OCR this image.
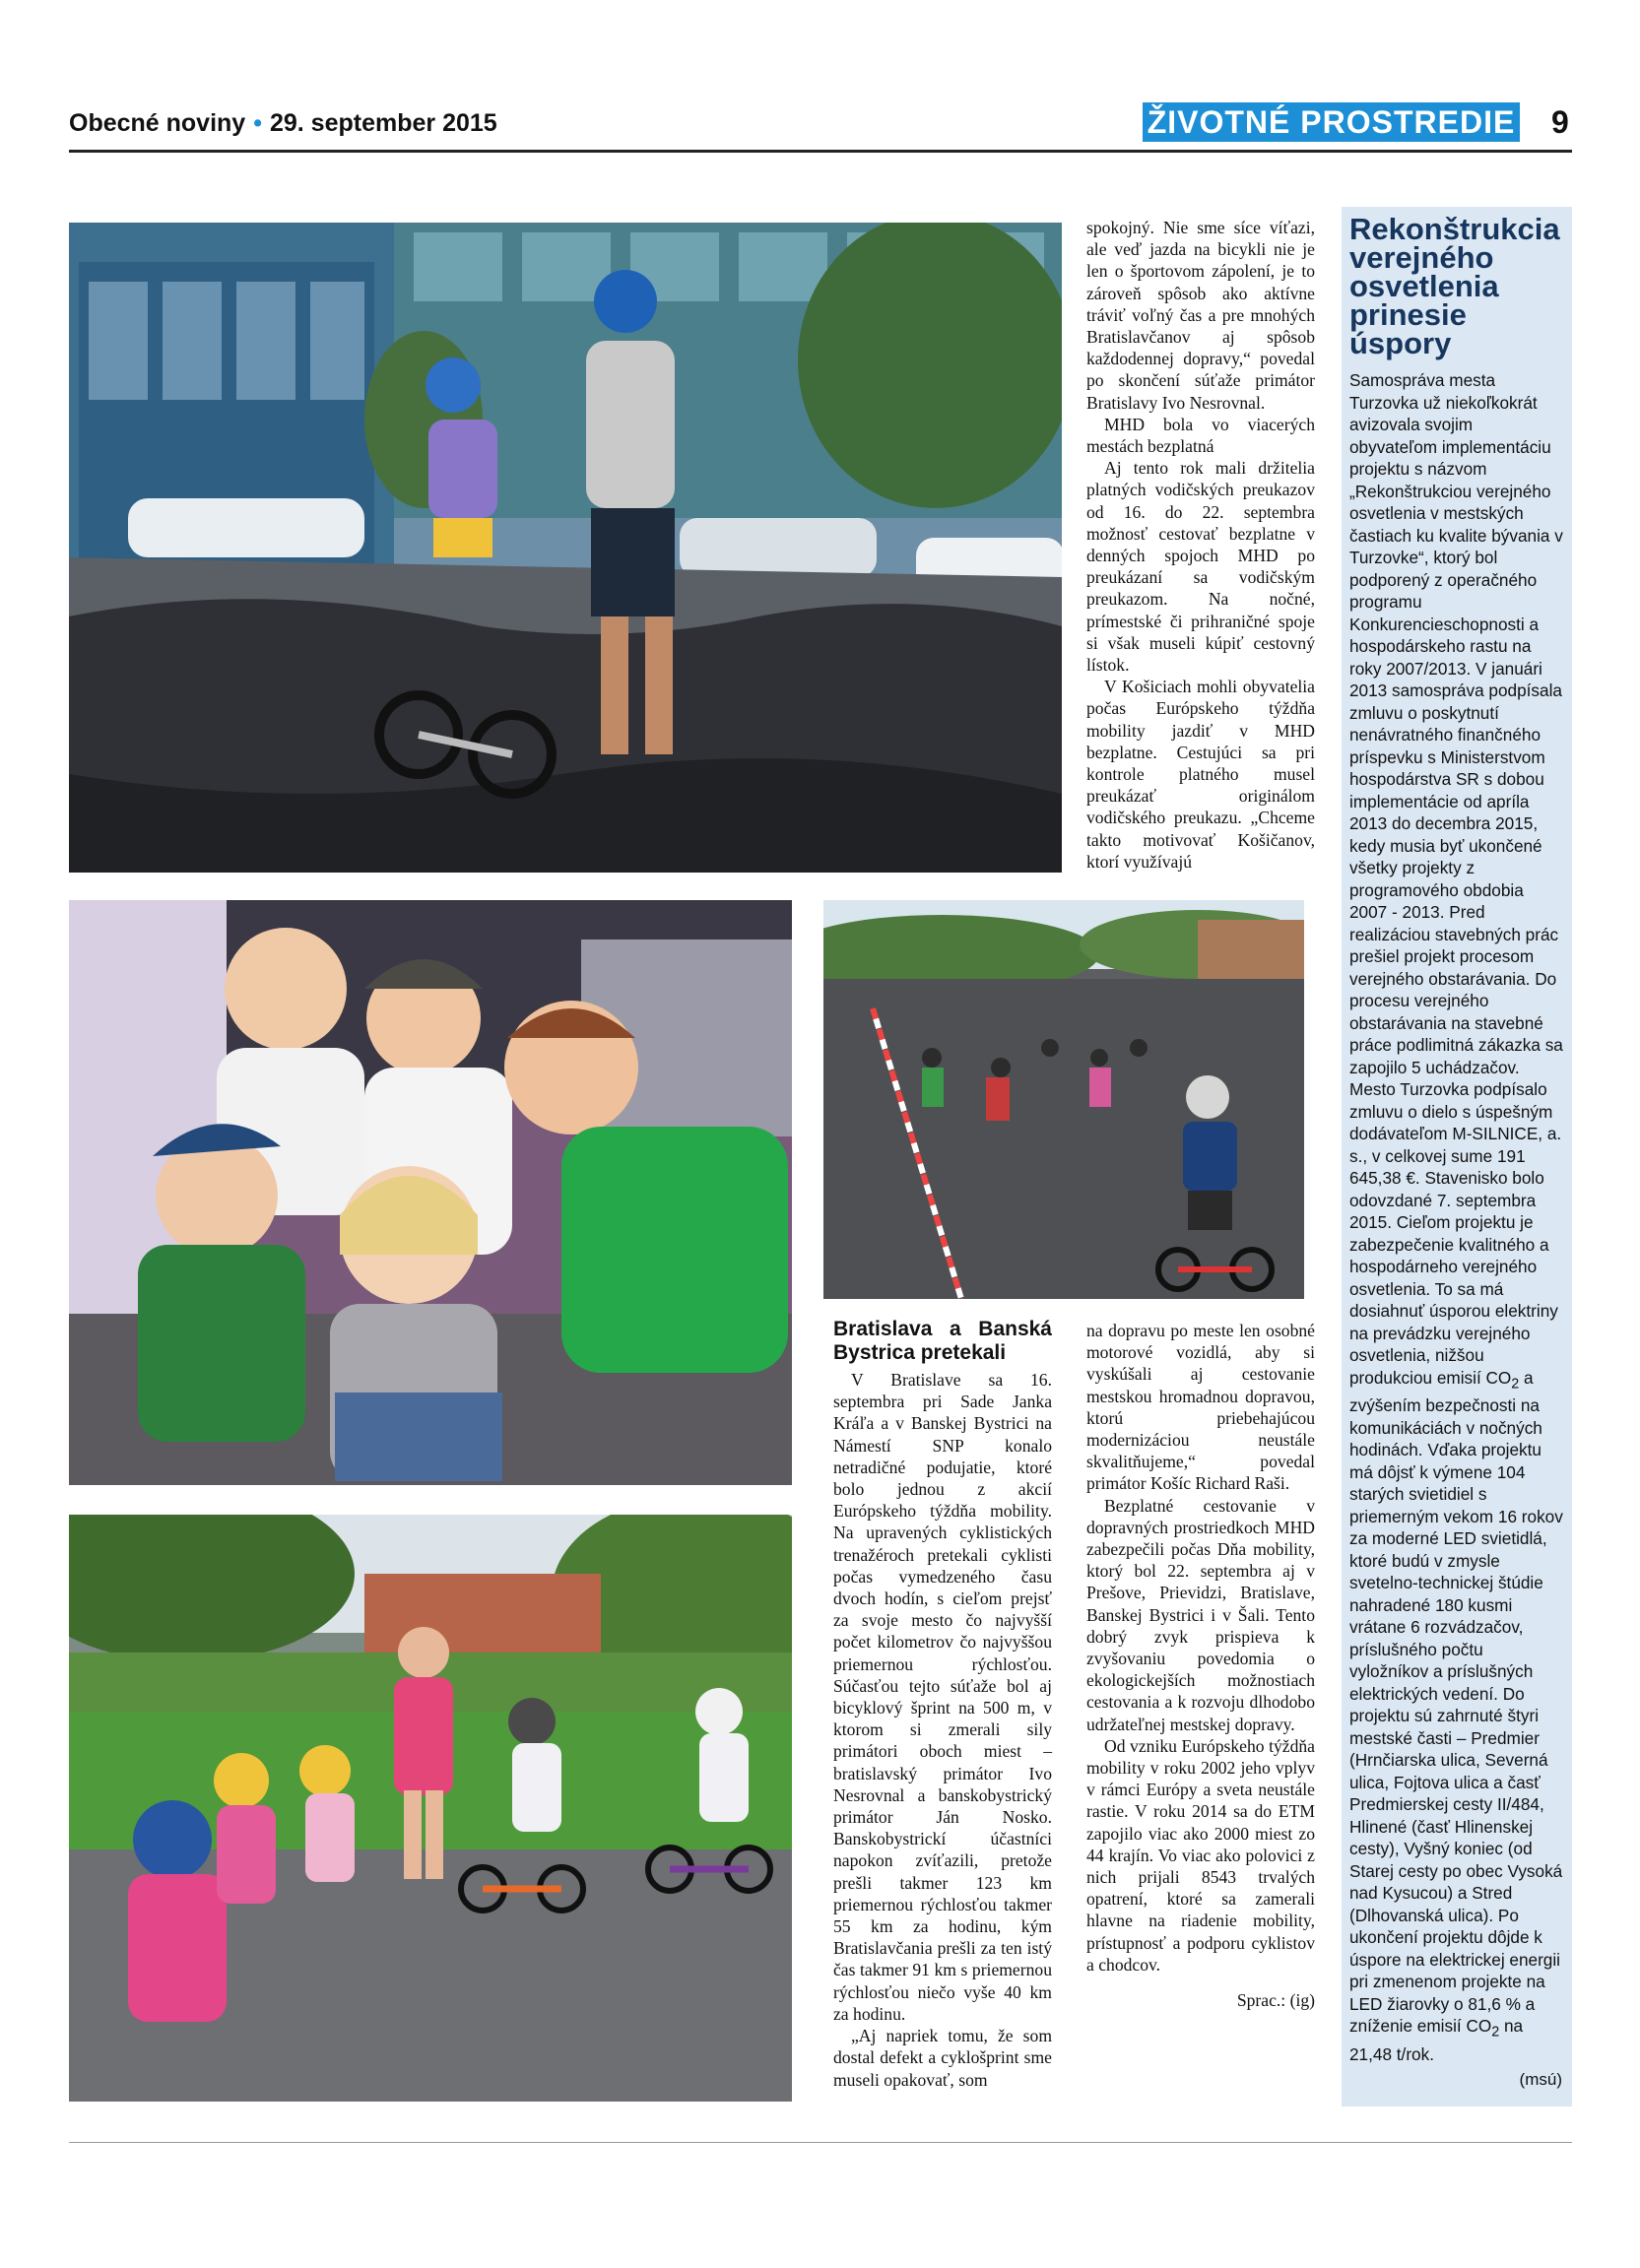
Obecné noviny • 29. september 2015	ŽIVOTNÉ PROSTREDIE 9

spokojný. Nie sme síce víťazi, ale veď jazda na bicykli nie je len o športovom zápolení, je to zároveň spôsob ako aktívne tráviť voľný čas a pre mnohých Bratislavčanov aj spôsob každodennej dopravy,“ povedal po skončení súťaže primátor Bratislavy Ivo Nesrovnal.

MHD bola vo viacerých mestách bezplatná

Aj tento rok mali držitelia platných vodičských preukazov od 16. do 22. septembra možnosť cestovať bezplatne v denných spojoch MHD po preukázaní sa vodičským preukazom. Na nočné, prímestské či prihraničné spoje si však museli kúpiť cestovný lístok.

V Košiciach mohli obyvatelia počas Európskeho týždňa mobility jazdiť v MHD bezplatne. Cestujúci sa pri kontrole platného musel preukázať originálom vodičského preukazu. „Chceme takto motivovať Košičanov, ktorí využívajú

Bratislava a Banská Bystrica pretekali

V Bratislave sa 16. septembra pri Sade Janka Kráľa a v Banskej Bystrici na Námestí SNP konalo netradičné podujatie, ktoré bolo jednou z akcií Európskeho týždňa mobility. Na upravených cyklistických trenažéroch pretekali cyklisti počas vymedzeného času dvoch hodín, s cieľom prejsť za svoje mesto čo najvyšší počet kilometrov čo najvyššou priemernou rýchlosťou. Súčasťou tejto súťaže bol aj bicyklový šprint na 500 m, v ktorom si zmerali sily primátori oboch miest – bratislavský primátor Ivo Nesrovnal a banskobystrický primátor Ján Nosko. Banskobystrickí účastníci napokon zvíťazili, pretože prešli takmer 123 km priemernou rýchlosťou takmer 55 km za hodinu, kým Bratislavčania prešli za ten istý čas takmer 91 km s priemernou rýchlosťou niečo vyše 40 km za hodinu.

„Aj napriek tomu, že som dostal defekt a cyklošprint sme museli opakovať, som

na dopravu po meste len osobné motorové vozidlá, aby si vyskúšali aj cestovanie mestskou hromadnou dopravou, ktorú priebehajúcou modernizáciou neustále skvalitňujeme,“ povedal primátor Košíc Richard Raši.

Bezplatné cestovanie v dopravných prostriedkoch MHD zabezpečili počas Dňa mobility, ktorý bol 22. septembra aj v Prešove, Prievidzi, Bratislave, Banskej Bystrici i v Šali. Tento dobrý zvyk prispieva k zvyšovaniu povedomia o ekologickejších možnostiach cestovania a k rozvoju dlhodobo udržateľnej mestskej dopravy.

Od vzniku Európskeho týždňa mobility v roku 2002 jeho vplyv v rámci Európy a sveta neustále rastie. V roku 2014 sa do ETM zapojilo viac ako 2000 miest zo 44 krajín. Vo viac ako polovici z nich prijali 8543 trvalých opatrení, ktoré sa zamerali hlavne na riadenie mobility, prístupnosť a podporu cyklistov a chodcov.

Sprac.: (ig)
Rekonštrukcia verejného osvetlenia prinesie úspory
Samospráva mesta Turzovka už niekoľkokrát avizovala svojim obyvateľom implementáciu projektu s názvom „Rekonštrukciou verejného osvetlenia v mestských častiach ku kvalite bývania v Turzovke“, ktorý bol podporený z operačného programu Konkurencieschopnosti a hospodárskeho rastu na roky 2007/2013. V januári 2013 samospráva podpísala zmluvu o poskytnutí nenávratného finančného príspevku s Ministerstvom hospodárstva SR s dobou implementácie od apríla 2013 do decembra 2015, kedy musia byť ukončené všetky projekty z programového obdobia 2007 - 2013. Pred realizáciou stavebných prác prešiel projekt procesom verejného obstarávania. Do procesu verejného obstarávania na stavebné práce podlimitná zákazka sa zapojilo 5 uchádzačov. Mesto Turzovka podpísalo zmluvu o dielo s úspešným dodávateľom M-SILNICE, a. s., v celkovej sume 191 645,38 €. Stavenisko bolo odovzdané 7. septembra 2015. Cieľom projektu je zabezpečenie kvalitného a hospodárneho verejného osvetlenia. To sa má dosiahnuť úsporou elektriny na prevádzku verejného osvetlenia, nižšou produkciou emisií $CO_2$ a zvýšením bezpečnosti na komunikáciách v nočných hodinách. Vďaka projektu má dôjsť k výmene 104 starých svietidiel s priemerným vekom 16 rokov za moderné LED svietidlá, ktoré budú v zmysle svetelno-technickej štúdie nahradené 180 kusmi vrátane 6 rozvádzačov, príslušného počtu vyložníkov a príslušných elektrických vedení. Do projektu sú zahrnuté štyri mestské časti – Predmier (Hrnčiarska ulica, Severná ulica, Fojtova ulica a časť Predmierskej cesty II/484, Hlinené (časť Hlinenskej cesty), Vyšný koniec (od Starej cesty po obec Vysoká nad Kysucou) a Stred (Dlhovanská ulica). Po ukončení projektu dôjde k úspore na elektrickej energii pri zmenenom projekte na LED žiarovky o 81,6 % a zníženie emisií $CO_2$ na 21,48 t/rok.
(msú)
